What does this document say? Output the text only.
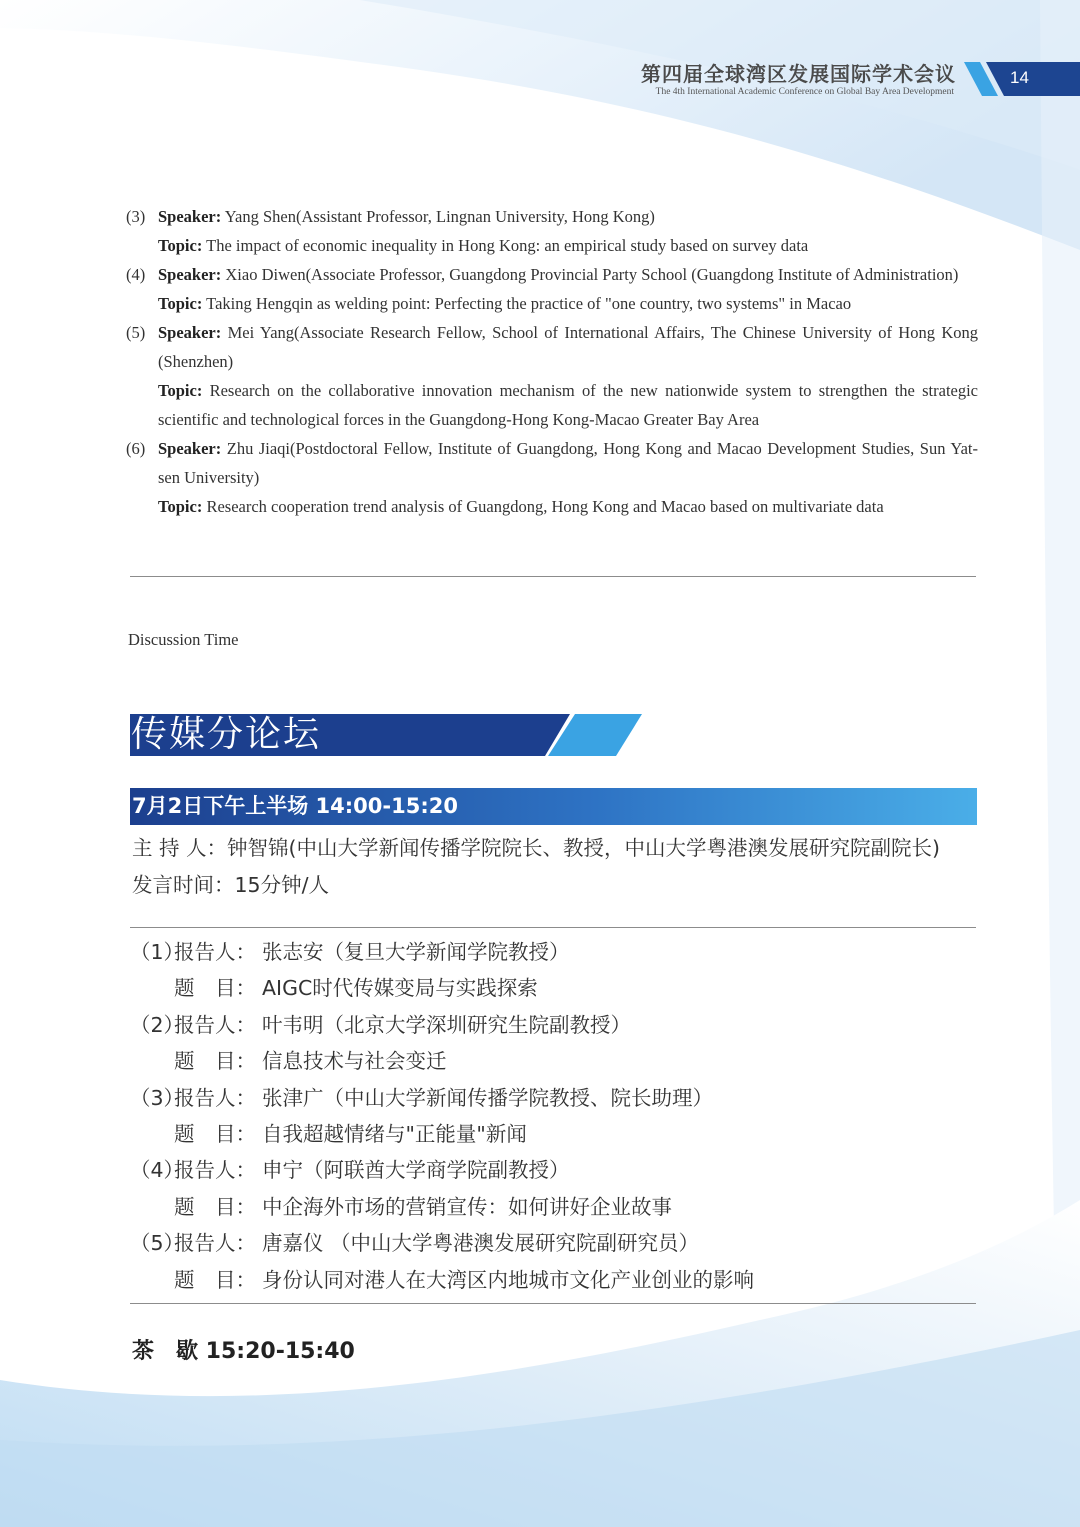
第四届全球湾区发展国际学术会议
The 4th International Academic Conference on Global Bay Area Development
14
(3) Speaker: Yang Shen(Assistant Professor, Lingnan University, Hong Kong)
Topic: The impact of economic inequality in Hong Kong: an empirical study based on survey data
(4) Speaker: Xiao Diwen(Associate Professor, Guangdong Provincial Party School (Guangdong Institute of Administration)
Topic: Taking Hengqin as welding point: Perfecting the practice of "one country, two systems" in Macao
(5) Speaker: Mei Yang(Associate Research Fellow, School of International Affairs, The Chinese University of Hong Kong (Shenzhen)
Topic: Research on the collaborative innovation mechanism of the new nationwide system to strengthen the strategic scientific and technological forces in the Guangdong-Hong Kong-Macao Greater Bay Area
(6) Speaker: Zhu Jiaqi(Postdoctoral Fellow, Institute of Guangdong, Hong Kong and Macao Development Studies, Sun Yat-sen University)
Topic: Research cooperation trend analysis of Guangdong, Hong Kong and Macao based on multivariate data
Discussion Time
传媒分论坛
7月2日下午上半场 14:00-15:20
主 持 人：钟智锦(中山大学新闻传播学院院长、教授，中山大学粤港澳发展研究院副院长)
发言时间：15分钟/人
（1）报告人： 张志安（复旦大学新闻学院教授）
题　目： AIGC时代传媒变局与实践探索
（2）报告人： 叶韦明（北京大学深圳研究生院副教授）
题　目： 信息技术与社会变迁
（3）报告人： 张津广（中山大学新闻传播学院教授、院长助理）
题　目： 自我超越情绪与"正能量"新闻
（4）报告人： 申宁（阿联酋大学商学院副教授）
题　目： 中企海外市场的营销宣传：如何讲好企业故事
（5）报告人： 唐嘉仪 （中山大学粤港澳发展研究院副研究员）
题　目： 身份认同对港人在大湾区内地城市文化产业创业的影响
茶　歇 15:20-15:40
